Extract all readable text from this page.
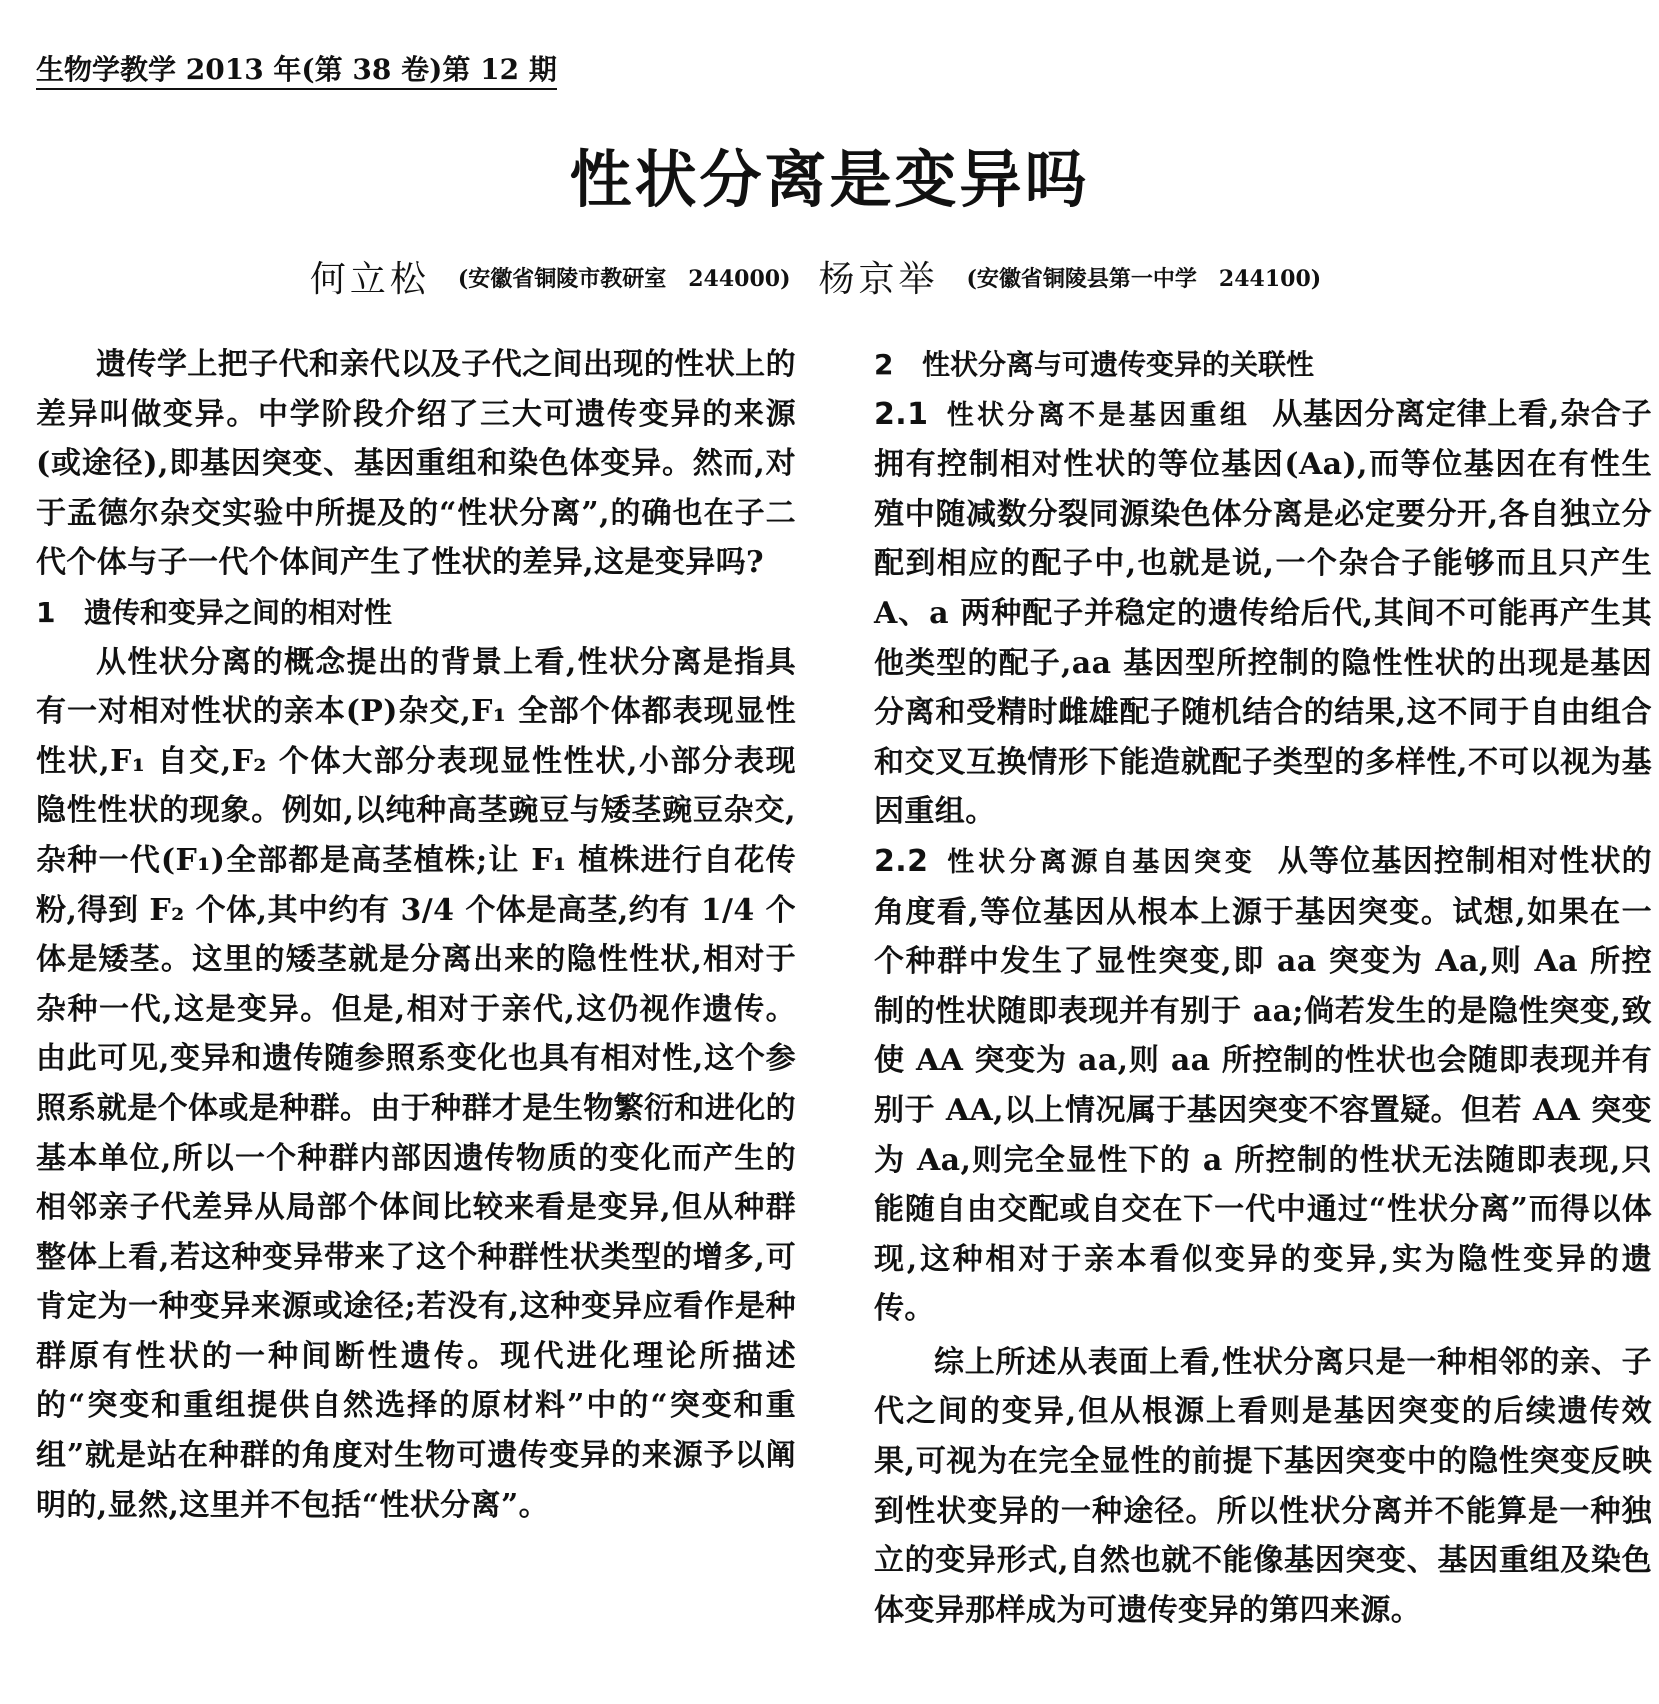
生物学教学 2013 年(第 38 卷)第 12 期
性状分离是变异吗
何立松 (安徽省铜陵市教研室　244000) 杨京举 (安徽省铜陵县第一中学　244100)

遗传学上把子代和亲代以及子代之间出现的性状上的差异叫做变异。中学阶段介绍了三大可遗传变异的来源(或途径),即基因突变、基因重组和染色体变异。然而,对于孟德尔杂交实验中所提及的“性状分离”,的确也在子二代个体与子一代个体间产生了性状的差异,这是变异吗?

1 遗传和变异之间的相对性

从性状分离的概念提出的背景上看,性状分离是指具有一对相对性状的亲本(P)杂交,F₁ 全部个体都表现显性性状,F₁ 自交,F₂ 个体大部分表现显性性状,小部分表现隐性性状的现象。例如,以纯种高茎豌豆与矮茎豌豆杂交,杂种一代(F₁)全部都是高茎植株;让 F₁ 植株进行自花传粉,得到 F₂ 个体,其中约有 3/4 个体是高茎,约有 1/4 个体是矮茎。这里的矮茎就是分离出来的隐性性状,相对于杂种一代,这是变异。但是,相对于亲代,这仍视作遗传。由此可见,变异和遗传随参照系变化也具有相对性,这个参照系就是个体或是种群。由于种群才是生物繁衍和进化的基本单位,所以一个种群内部因遗传物质的变化而产生的相邻亲子代差异从局部个体间比较来看是变异,但从种群整体上看,若这种变异带来了这个种群性状类型的增多,可肯定为一种变异来源或途径;若没有,这种变异应看作是种群原有性状的一种间断性遗传。现代进化理论所描述的“突变和重组提供自然选择的原材料”中的“突变和重组”就是站在种群的角度对生物可遗传变异的来源予以阐明的,显然,这里并不包括“性状分离”。

2 性状分离与可遗传变异的关联性

2.1 性状分离不是基因重组 从基因分离定律上看,杂合子拥有控制相对性状的等位基因(Aa),而等位基因在有性生殖中随减数分裂同源染色体分离是必定要分开,各自独立分配到相应的配子中,也就是说,一个杂合子能够而且只产生 A、a 两种配子并稳定的遗传给后代,其间不可能再产生其他类型的配子,aa 基因型所控制的隐性性状的出现是基因分离和受精时雌雄配子随机结合的结果,这不同于自由组合和交叉互换情形下能造就配子类型的多样性,不可以视为基因重组。

2.2 性状分离源自基因突变 从等位基因控制相对性状的角度看,等位基因从根本上源于基因突变。试想,如果在一个种群中发生了显性突变,即 aa 突变为 Aa,则 Aa 所控制的性状随即表现并有别于 aa;倘若发生的是隐性突变,致使 AA 突变为 aa,则 aa 所控制的性状也会随即表现并有别于 AA,以上情况属于基因突变不容置疑。但若 AA 突变为 Aa,则完全显性下的 a 所控制的性状无法随即表现,只能随自由交配或自交在下一代中通过“性状分离”而得以体现,这种相对于亲本看似变异的变异,实为隐性变异的遗传。

综上所述从表面上看,性状分离只是一种相邻的亲、子代之间的变异,但从根源上看则是基因突变的后续遗传效果,可视为在完全显性的前提下基因突变中的隐性突变反映到性状变异的一种途径。所以性状分离并不能算是一种独立的变异形式,自然也就不能像基因突变、基因重组及染色体变异那样成为可遗传变异的第四来源。
